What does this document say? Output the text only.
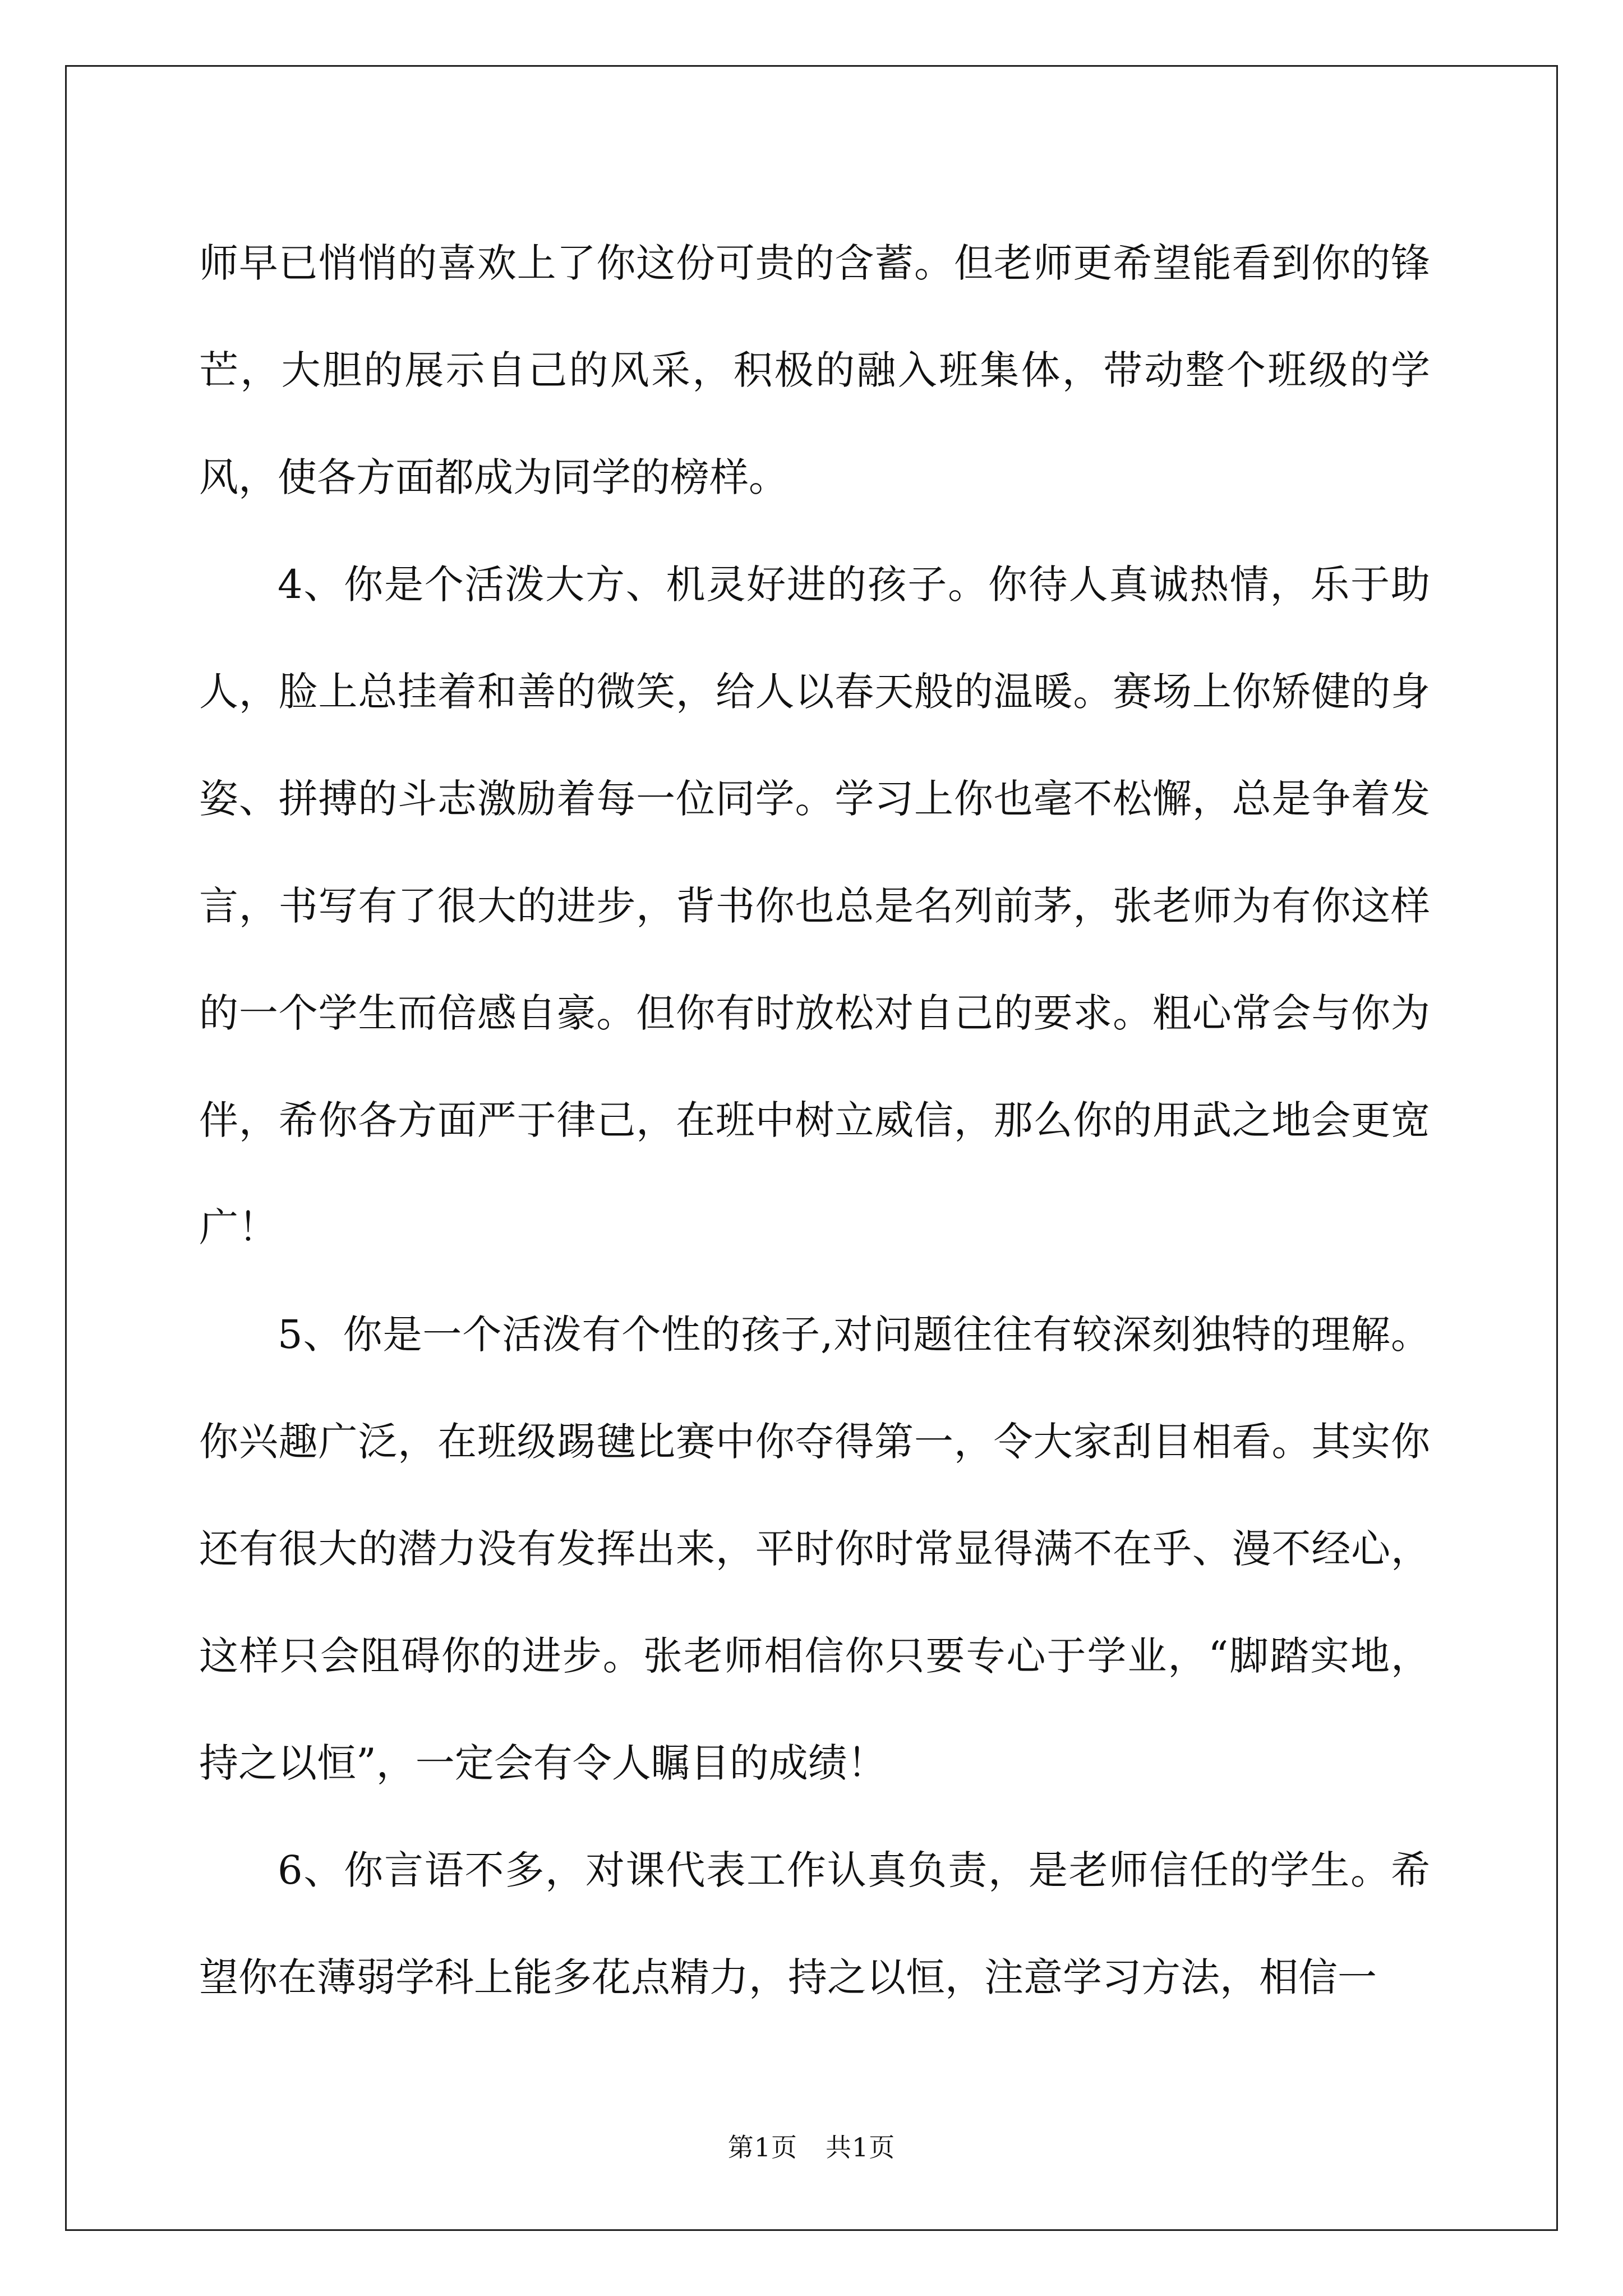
师早已悄悄的喜欢上了你这份可贵的含蓄。但老师更希望能看到你的锋芒，大胆的展示自己的风采，积极的融入班集体，带动整个班级的学风，使各方面都成为同学的榜样。

4、你是个活泼大方、机灵好进的孩子。你待人真诚热情，乐于助人，脸上总挂着和善的微笑，给人以春天般的温暖。赛场上你矫健的身姿、拼搏的斗志激励着每一位同学。学习上你也毫不松懈，总是争着发言，书写有了很大的进步，背书你也总是名列前茅，张老师为有你这样的一个学生而倍感自豪。但你有时放松对自己的要求。粗心常会与你为伴，希你各方面严于律己，在班中树立威信，那么你的用武之地会更宽广！

5、你是一个活泼有个性的孩子,对问题往往有较深刻独特的理解。你兴趣广泛，在班级踢毽比赛中你夺得第一，令大家刮目相看。其实你还有很大的潜力没有发挥出来，平时你时常显得满不在乎、漫不经心，这样只会阻碍你的进步。张老师相信你只要专心于学业，“脚踏实地，持之以恒”，一定会有令人瞩目的成绩！

6、你言语不多，对课代表工作认真负责，是老师信任的学生。希望你在薄弱学科上能多花点精力，持之以恒，注意学习方法，相信一

第1页 共1页
